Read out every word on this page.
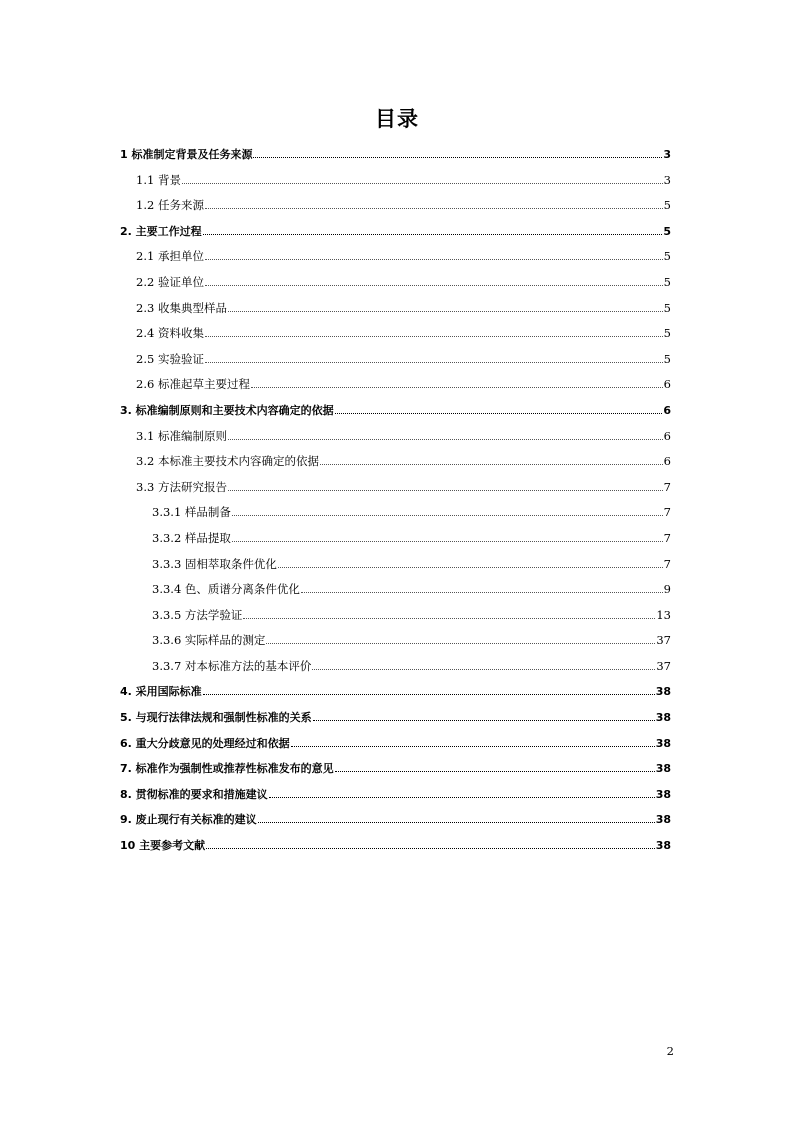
目录
1 标准制定背景及任务来源	3
1.1 背景	3
1.2 任务来源	5
2. 主要工作过程	5
2.1 承担单位	5
2.2 验证单位	5
2.3 收集典型样品	5
2.4 资料收集	5
2.5 实验验证	5
2.6 标准起草主要过程	6
3. 标准编制原则和主要技术内容确定的依据	6
3.1 标准编制原则	6
3.2 本标准主要技术内容确定的依据	6
3.3 方法研究报告	7
3.3.1 样品制备	7
3.3.2 样品提取	7
3.3.3 固相萃取条件优化	7
3.3.4 色、质谱分离条件优化	9
3.3.5 方法学验证	13
3.3.6 实际样品的测定	37
3.3.7 对本标准方法的基本评价	37
4. 采用国际标准	38
5. 与现行法律法规和强制性标准的关系	38
6. 重大分歧意见的处理经过和依据	38
7. 标准作为强制性或推荐性标准发布的意见	38
8. 贯彻标准的要求和措施建议	38
9. 废止现行有关标准的建议	38
10 主要参考文献	38
2
